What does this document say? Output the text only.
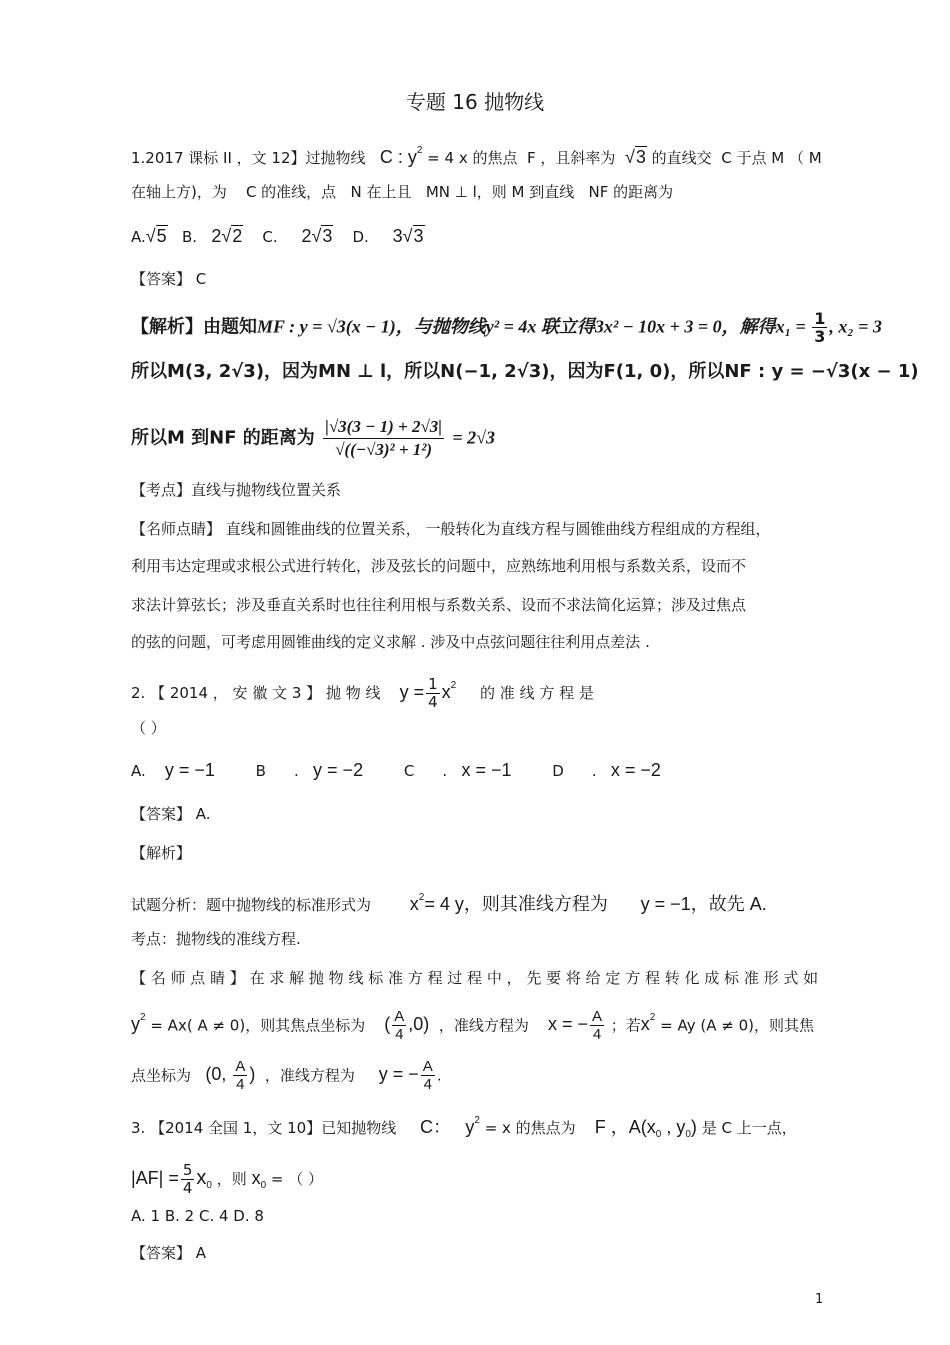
专题 16 抛物线
1.2017 课标 II ，文 12】过抛物线 C : $y^2 = 4$ x 的焦点 F ，且斜率为 √3 的直线交 C 于点 M （ M
在轴上方)，为 C 的准线，点 N 在上且 MN ⊥ l，则 M 到直线 NF 的距离为
A.√5 B. 2√2 C. 2√3 D. 3√3
【答案】 C
【解析】由题知MF : y = √3(x − 1)，与抛物线y² = 4x 联立得3x² − 10x + 3 = 0，解得$x_1 = \frac{1}{3}$ , x₂ = 3
所以M(3, 2√3)，因为MN ⊥ l，所以N(−1, 2√3)，因为F(1, 0)，所以NF : y = −√3(x − 1)
所以M 到NF 的距离为 $\frac{|√3(3 - 1) + 2√3|}{\text{√((−√3)² + 1²)}} = 2√3$
【考点】直线与抛物线位置关系
【名师点睛】 直线和圆锥曲线的位置关系， 一般转化为直线方程与圆锥曲线方程组成的方程组，
利用韦达定理或求根公式进行转化，涉及弦长的问题中，应熟练地利用根与系数关系，设而不
求法计算弦长；涉及垂直关系时也往往利用根与系数关系、设而不求法简化运算；涉及过焦点
的弦的问题，可考虑用圆锥曲线的定义求解 . 涉及中点弦问题往往利用点差法 .
2. 【 2014 ， 安 徽 文 3 】 抛 物 线 $y = \frac{1}{4} x^2$ 的 准 线 方 程 是
（ ）
A. y = −1	B .   y = −2	C .   x = −1	D .   x = −2
【答案】 A.
【解析】
试题分析：题中抛物线的标准形式为 $x^2= 4$ y，则其准线方程为 y = −1，故先 A.
考点：抛物线的准线方程.
【 名 师 点 睛 】 在 求 解 抛 物 线 标 准 方 程 过 程 中 ， 先 要 将 给 定 方 程 转 化 成 标 准 形 式 如
$y^2 = Ax$( A ≠ 0)，则其焦点坐标为 ( $\frac{A}{4} ,0$) ，准线方程为 x = − $\frac{A}{4}$ ；若$x^2 = Ay$ (A ≠ 0)，则其焦
点坐标为 (0, $\frac{A}{4}$ ) ，准线方程为 y = − $\frac{A}{4}$ .
3. 【2014 全国 1，文 10】已知抛物线 C： $y^2 = x$ 的焦点为 F ，$A(x_0$ , $y_0$) 是 C 上一点，
$|AF| = \frac{5}{4} x_0$ ，则 $x_0$ = （ ）
A. 1 B. 2 C. 4 D. 8
【答案】 A
1
